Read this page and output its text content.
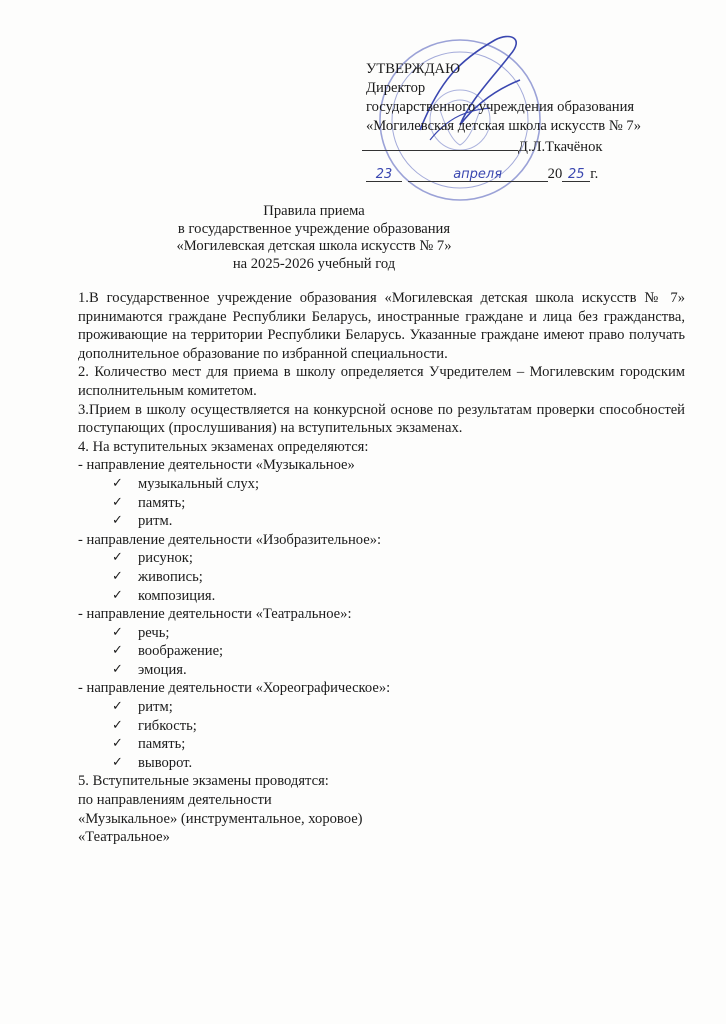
УТВЕРЖДАЮ
Директор
государственного учреждения образования
«Могилевская детская школа искусств № 7»
Д.Л.Ткачёнок
23	апреля	20 25 г.
Правила приема
в государственное учреждение образования
«Могилевская детская школа искусств № 7»
на 2025-2026 учебный год
1.В государственное учреждение образования «Могилевская детская школа искусств № 7» принимаются граждане Республики Беларусь, иностранные граждане и лица без гражданства, проживающие на территории Республики Беларусь. Указанные граждане имеют право получать дополнительное образование по избранной специальности.
2. Количество мест для приема в школу определяется Учредителем – Могилевским городским исполнительным комитетом.
3.Прием в школу осуществляется на конкурсной основе по результатам проверки способностей поступающих (прослушивания) на вступительных экзаменах.
4. На вступительных экзаменах определяются:
- направление деятельности «Музыкальное»
✓ музыкальный слух;
✓ память;
✓ ритм.
- направление деятельности «Изобразительное»:
✓ рисунок;
✓ живопись;
✓ композиция.
- направление деятельности «Театральное»:
✓ речь;
✓ воображение;
✓ эмоция.
- направление деятельности «Хореографическое»:
✓ ритм;
✓ гибкость;
✓ память;
✓ выворот.
5. Вступительные экзамены проводятся:
по направлениям деятельности
«Музыкальное» (инструментальное, хоровое)
«Театральное»
